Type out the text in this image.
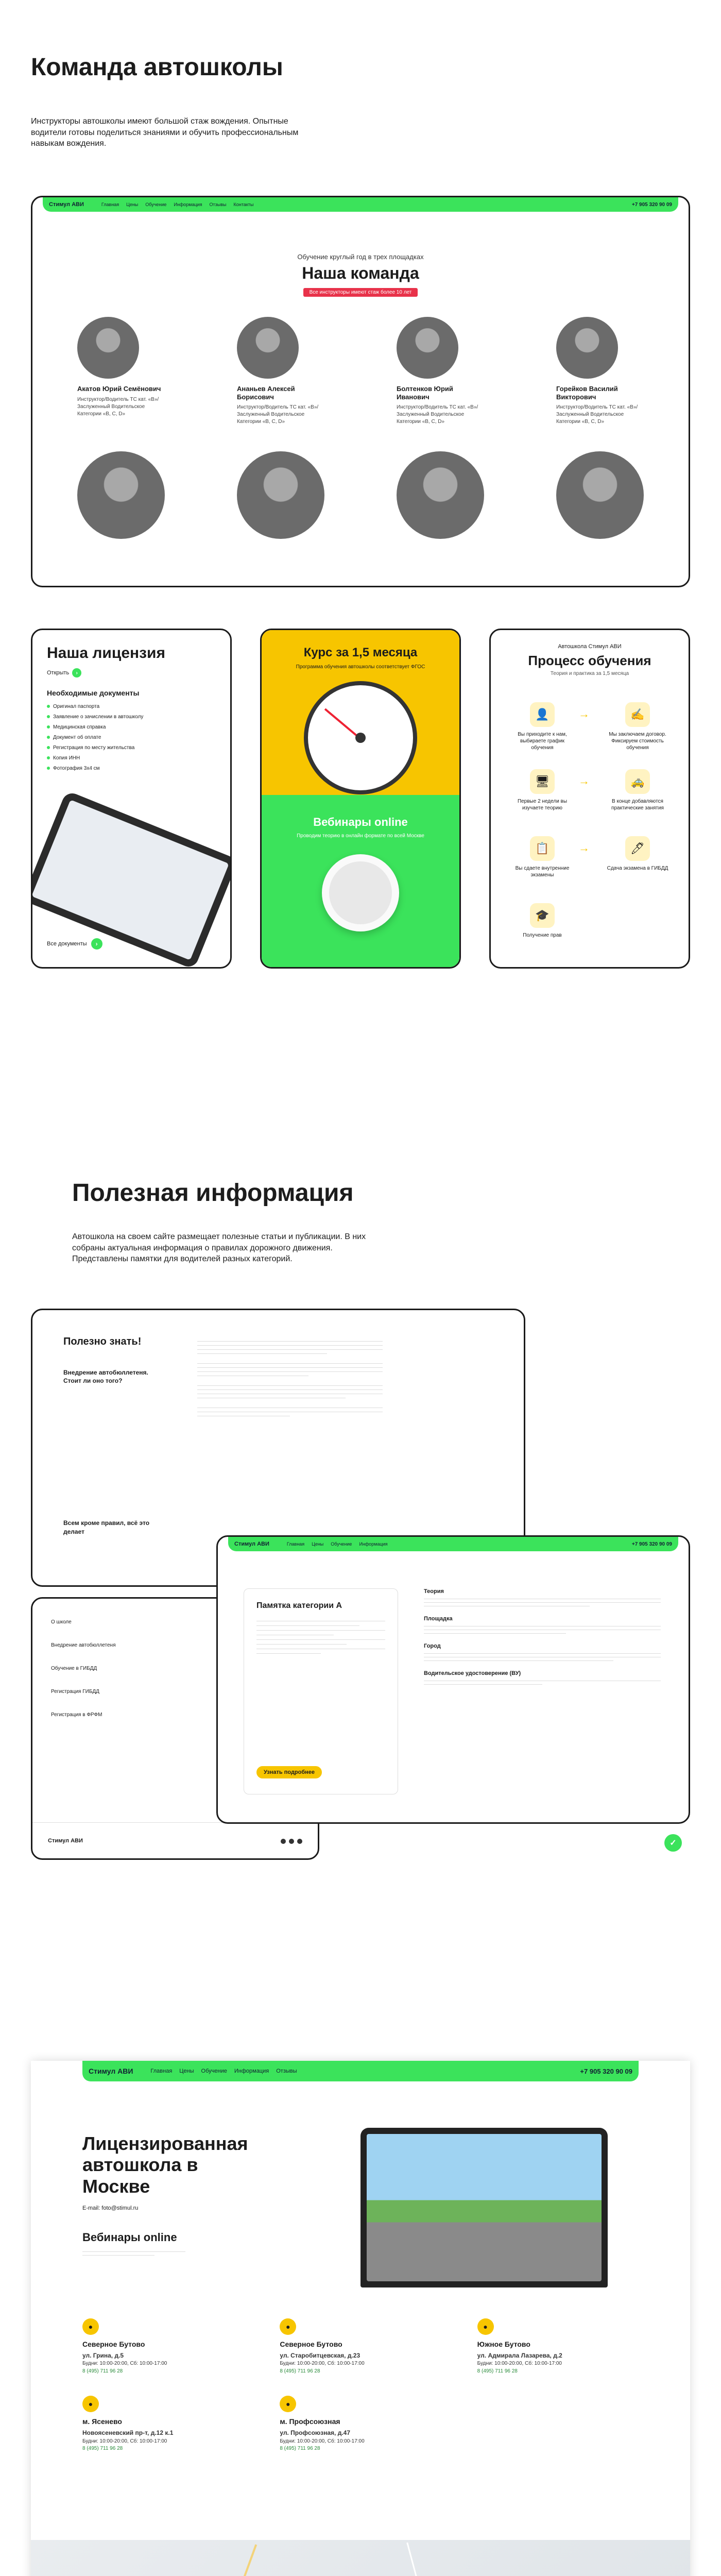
Команда автошколы
Инструкторы автошколы имеют большой стаж вождения. Опытные водители готовы поделиться знаниями и обучить профессиональным навыкам вождения.
Стимул АВИ	Главная Цены Обучение Информация Отзывы Контакты	+7 905 320 90 09
Обучение круглый год в трех площадках
Наша команда
Все инструкторы имеют стаж более 10 лет
Акатов Юрий Семёнович
Инструктор/Водитель ТС кат. «В»/Заслуженный Водительское Категории «В, С, D»
Ананьев Алексей Борисович
Инструктор/Водитель ТС кат. «В»/Заслуженный Водительское Категории «В, С, D»
Болтенков Юрий Иванович
Инструктор/Водитель ТС кат. «В»/Заслуженный Водительское Категории «В, С, D»
Горейков Василий Викторович
Инструктор/Водитель ТС кат. «В»/Заслуженный Водительское Категории «В, С, D»
Наша лицензия
Открыть	›
Необходимые документы
Оригинал паспорта
Заявление о зачислении в автошколу
Медицинская справка
Документ об оплате
Регистрация по месту жительства
Копия ИНН
Фотография 3х4 см
Все документы	›
Курс за 1,5 месяца
Программа обучения автошколы соответствует ФГОС
Вебинары online
Проводим теорию в онлайн формате по всей Москве
Автошкола Стимул АВИ
Процесс обучения
Теория и практика за 1,5 месяца
👤
Вы приходите к нам, выбираете график обучения
→	✍
Мы заключаем договор. Фиксируем стоимость обучения
🖥
Первые 2 недели вы изучаете теорию
→	🚕
В конце добавляются практические занятия
📋
Вы сдаете внутренние экзамены
→	🖊
Сдача экзамена в ГИБДД
🎓
Получение прав
Полезная информация
Автошкола на своем сайте размещает полезные статьи и публикации. В них собраны актуальная информация о правилах дорожного движения. Представлены памятки для водителей разных категорий.
Полезно знать!
Внедрение автобюллетеня. Стоит ли оно того?
Всем кроме правил, всё это делает
О школе
Внедрение автобюллетеня
Обучение в ГИБДД
Регистрация ГИБДД
Регистрация в ФРФМ
Стимул АВИ
Стимул АВИ	Главная Цены Обучение Информация	+7 905 320 90 09
Памятка категории A
Узнать подробнее
Теория
Площадка
Город
Водительское удостоверение (ВУ)
✓
Стимул АВИ	Главная Цены Обучение Информация Отзывы	+7 905 320 90 09
Лицензированная автошкола в Москве
E-mail: foto@stimul.ru
Вебинары online
●
Северное Бутово

ул. Грина, д.5

Будни: 10:00-20:00, Сб: 10:00-17:00

8 (495) 711 96 28

●
Северное Бутово

ул. Старобитцевская, д.23

Будни: 10:00-20:00, Сб: 10:00-17:00

8 (495) 711 96 28

●
Южное Бутово

ул. Адмирала Лазарева, д.2

Будни: 10:00-20:00, Сб: 10:00-17:00

8 (495) 711 96 28

●
м. Ясенево

Новоясеневский пр-т, д.12 к.1

Будни: 10:00-20:00, Сб: 10:00-17:00

8 (495) 711 96 28

●
м. Профсоюзная

ул. Профсоюзная, д.47

Будни: 10:00-20:00, Сб: 10:00-17:00

8 (495) 711 96 28
